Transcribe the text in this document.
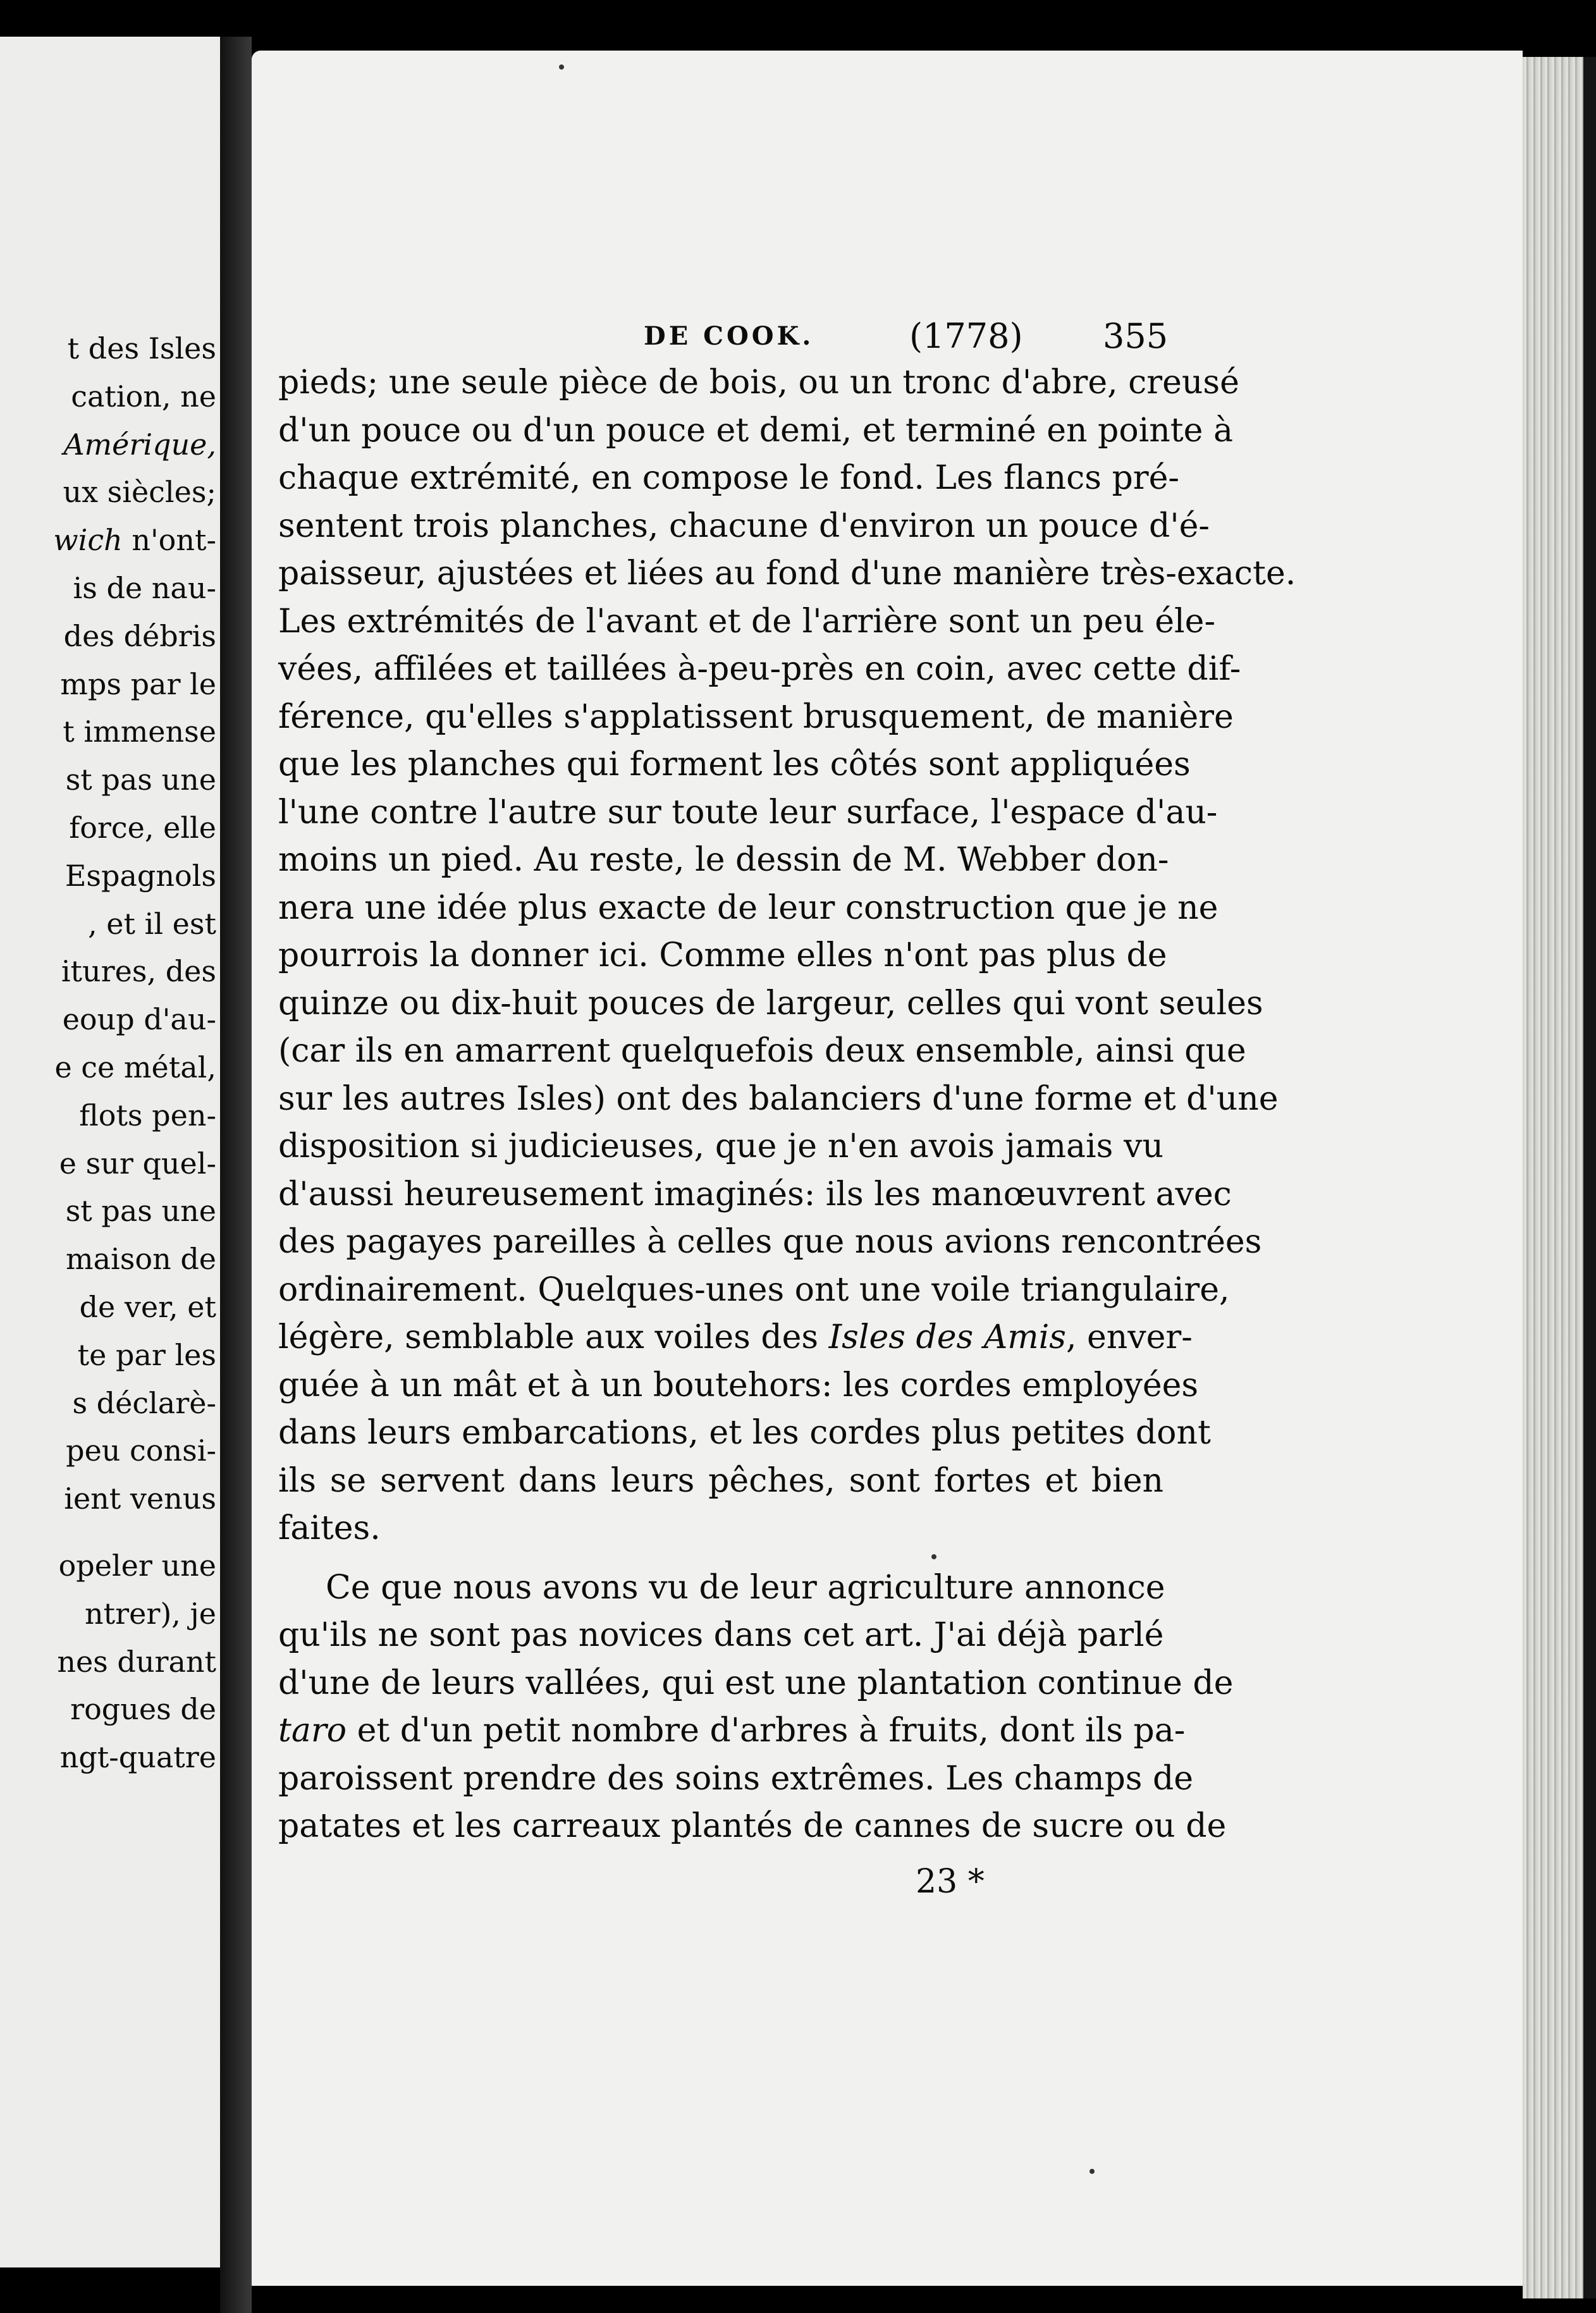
t des Isles
cation, ne
Amérique,
ux siècles;
wich n'ont-
is de nau-
des débris
mps par le
t immense
st pas une
force, elle
Espagnols
, et il est
itures, des
eoup d'au-
e ce métal,
flots pen-
e sur quel-
st pas une
maison de
de ver, et
te par les
s déclarè-
peu consi-
ient venus
opeler une
ntrer), je
nes durant
rogues de
ngt-quatre
DE COOK.	(1778) 355
pieds; une seule pièce de bois, ou un tronc d'abre, creusé
d'un pouce ou d'un pouce et demi, et terminé en pointe à
chaque extrémité, en compose le fond. Les flancs pré-
sentent trois planches, chacune d'environ un pouce d'é-
paisseur, ajustées et liées au fond d'une manière très-exacte.
Les extrémités de l'avant et de l'arrière sont un peu éle-
vées, affilées et taillées à-peu-près en coin, avec cette dif-
férence, qu'elles s'applatissent brusquement, de manière
que les planches qui forment les côtés sont appliquées
l'une contre l'autre sur toute leur surface, l'espace d'au-
moins un pied. Au reste, le dessin de M. Webber don-
nera une idée plus exacte de leur construction que je ne
pourrois la donner ici. Comme elles n'ont pas plus de
quinze ou dix-huit pouces de largeur, celles qui vont seules
(car ils en amarrent quelquefois deux ensemble, ainsi que
sur les autres Isles) ont des balanciers d'une forme et d'une
disposition si judicieuses, que je n'en avois jamais vu
d'aussi heureusement imaginés: ils les manœuvrent avec
des pagayes pareilles à celles que nous avions rencontrées
ordinairement. Quelques-unes ont une voile triangulaire,
légère, semblable aux voiles des Isles des Amis, enver-
guée à un mât et à un boutehors: les cordes employées
dans leurs embarcations, et les cordes plus petites dont
ils se servent dans leurs pêches, sont fortes et bien
faites.
Ce que nous avons vu de leur agriculture annonce
qu'ils ne sont pas novices dans cet art. J'ai déjà parlé
d'une de leurs vallées, qui est une plantation continue de
taro et d'un petit nombre d'arbres à fruits, dont ils pa-
paroissent prendre des soins extrêmes. Les champs de
patates et les carreaux plantés de cannes de sucre ou de
23 *
